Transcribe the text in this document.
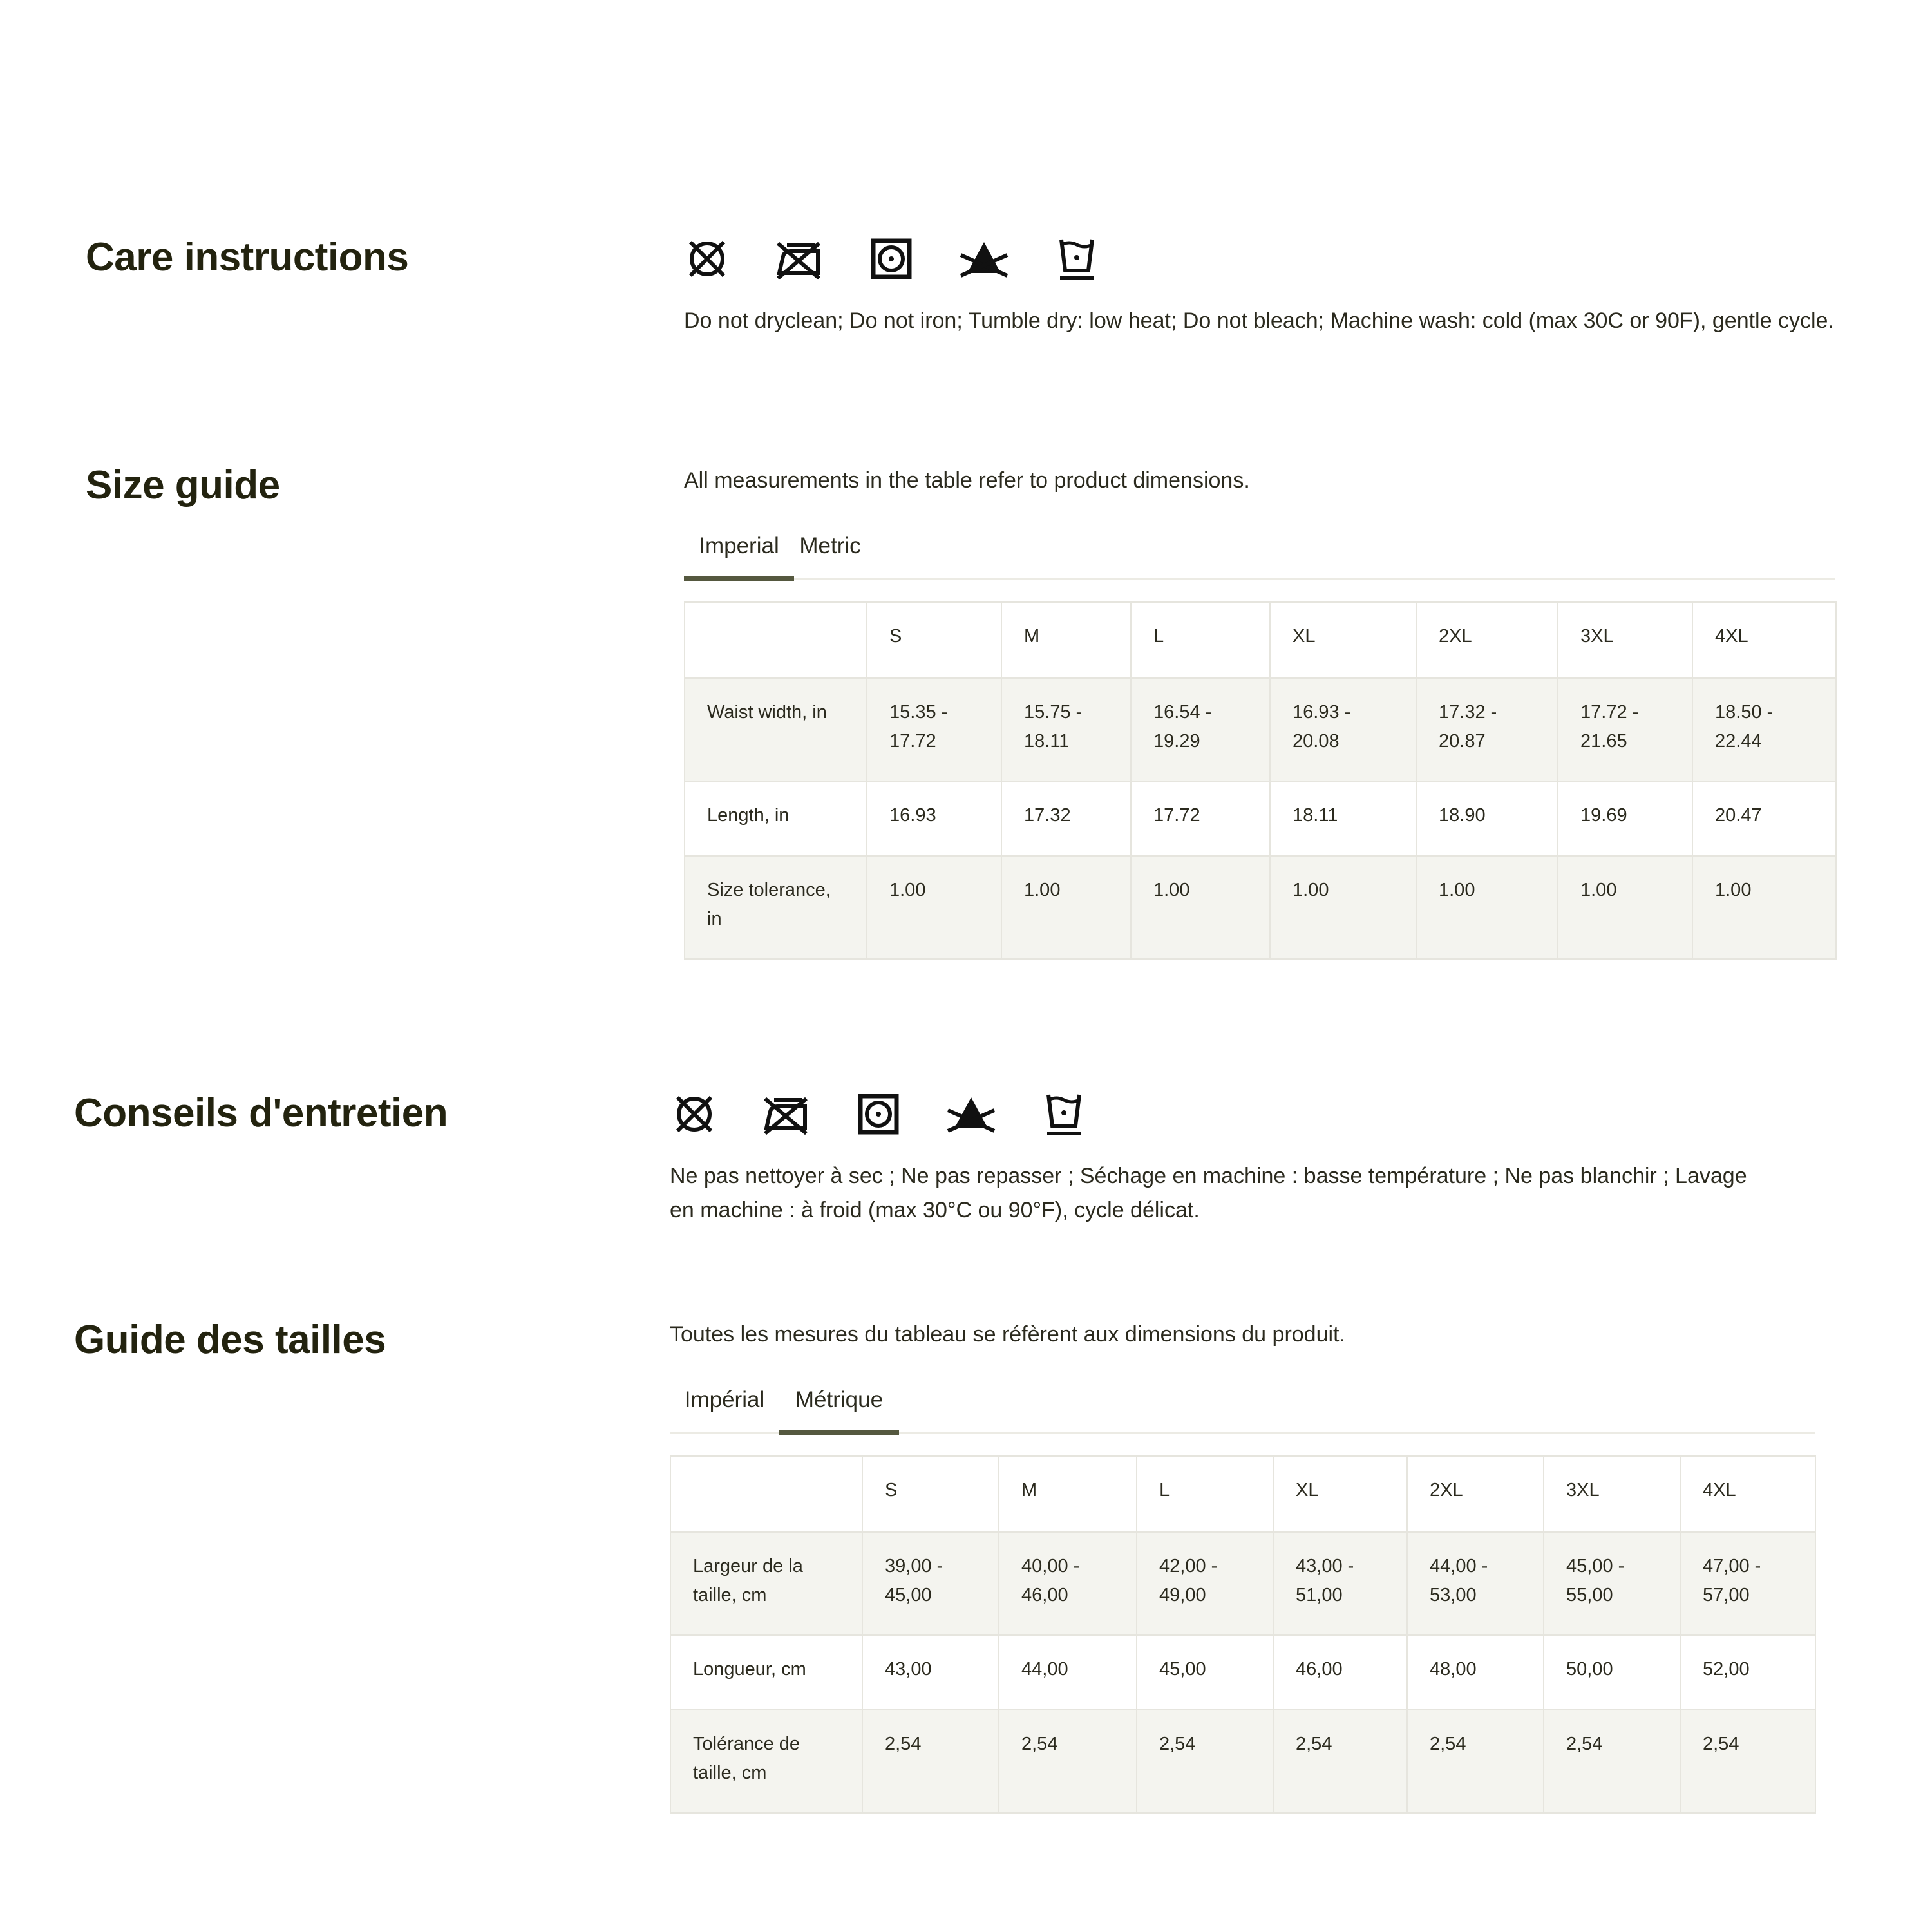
Care instructions

Do not dryclean; Do not iron; Tumble dry: low heat; Do not bleach; Machine wash: cold (max 30C or 90F), gentle cycle.

Size guide	All measurements in the table refer to product dimensions.

Imperial Metric
	S	M	L	XL	2XL	3XL	4XL
Waist width, in	15.35 - 17.72	15.75 - 18.11	16.54 - 19.29	16.93 - 20.08	17.32 - 20.87	17.72 - 21.65	18.50 - 22.44
Length, in	16.93	17.32	17.72	18.11	18.90	19.69	20.47
Size tolerance, in	1.00	1.00	1.00	1.00	1.00	1.00	1.00
Conseils d'entretien

Ne pas nettoyer à sec ; Ne pas repasser ; Séchage en machine : basse température ; Ne pas blanchir ; Lavage en machine : à froid (max 30°C ou 90°F), cycle délicat.

Guide des tailles	Toutes les mesures du tableau se réfèrent aux dimensions du produit.

Impérial	Métrique
	S	M	L	XL	2XL	3XL	4XL
Largeur de la taille, cm	39,00 - 45,00	40,00 - 46,00	42,00 - 49,00	43,00 - 51,00	44,00 - 53,00	45,00 - 55,00	47,00 - 57,00
Longueur, cm	43,00	44,00	45,00	46,00	48,00	50,00	52,00
Tolérance de taille, cm	2,54	2,54	2,54	2,54	2,54	2,54	2,54
